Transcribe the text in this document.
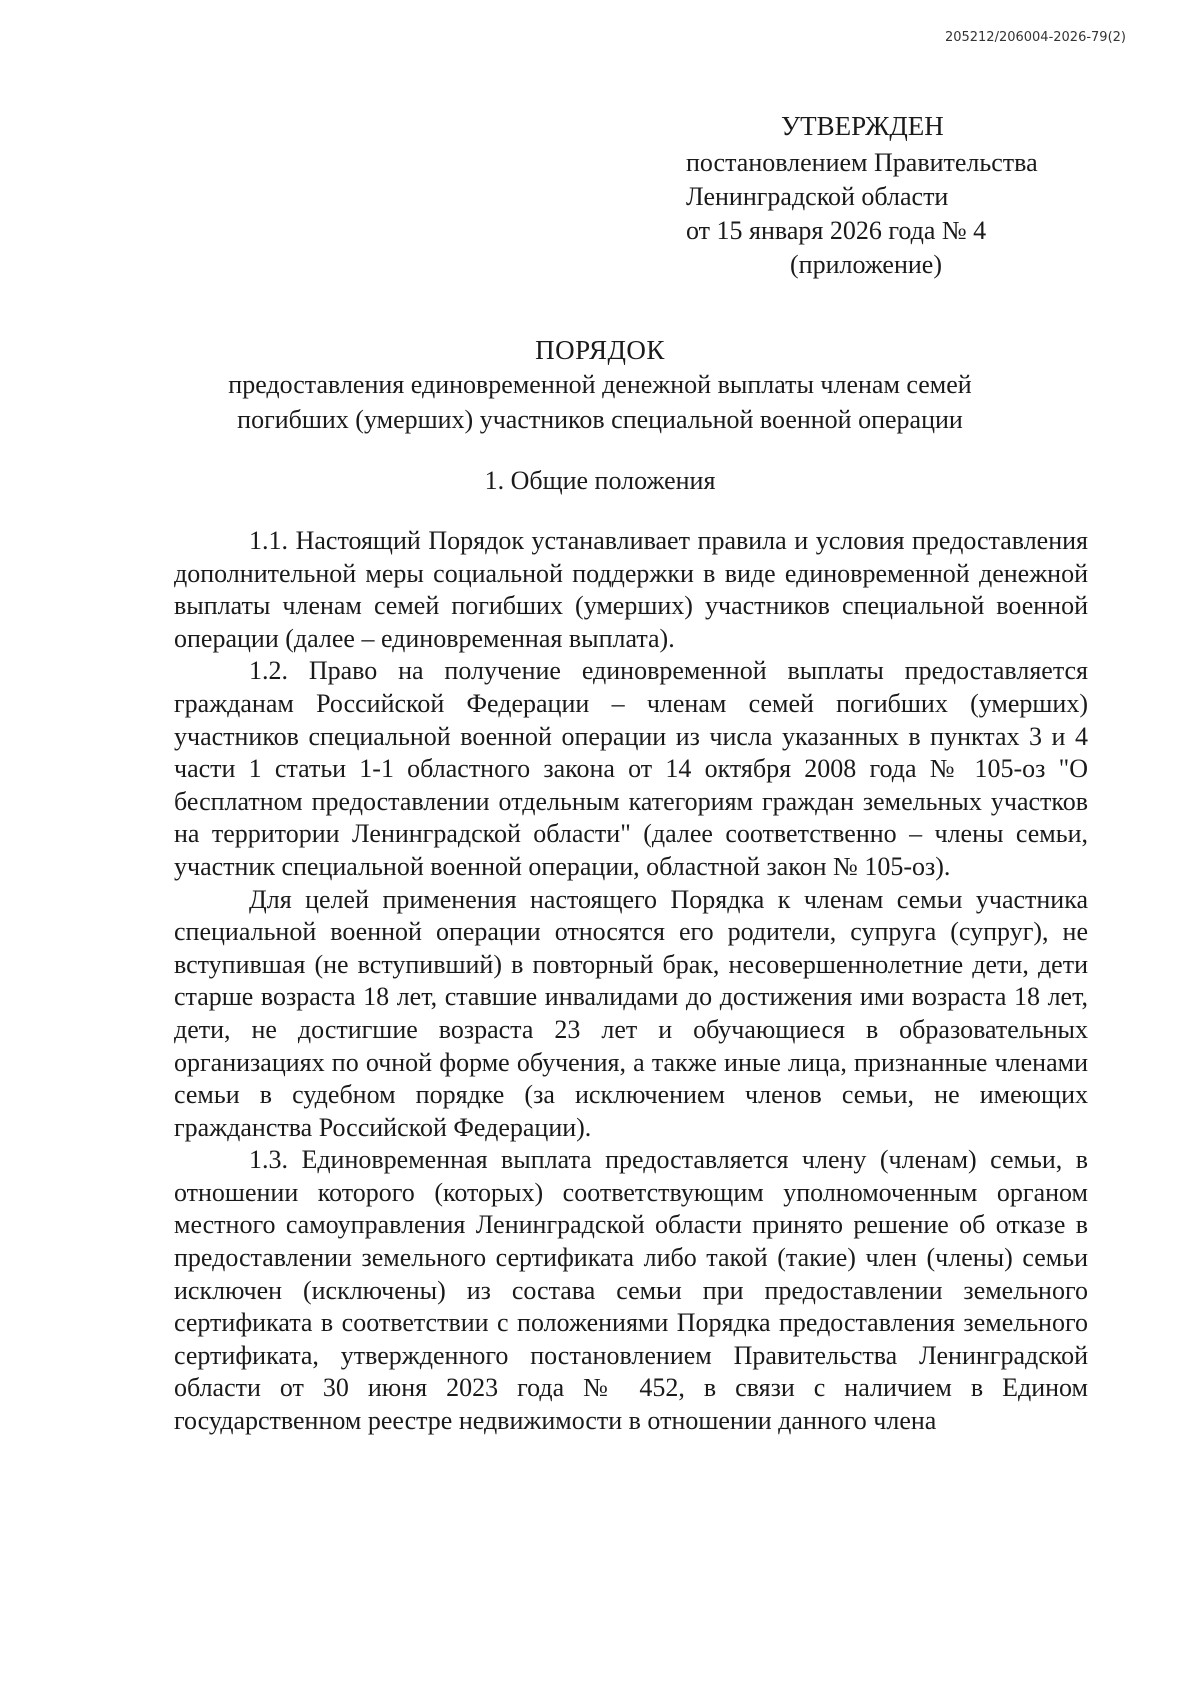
205212/206004-2026-79(2)
УТВЕРЖДЕН
постановлением Правительства
Ленинградской области
от 15 января 2026 года № 4
(приложение)
ПОРЯДОК
предоставления единовременной денежной выплаты членам семей
погибших (умерших) участников специальной военной операции
1. Общие положения

1.1. Настоящий Порядок устанавливает правила и условия предоставления дополнительной меры социальной поддержки в виде единовременной денежной выплаты членам семей погибших (умерших) участников специальной военной операции (далее – единовременная выплата).

1.2. Право на получение единовременной выплаты предоставляется гражданам Российской Федерации – членам семей погибших (умерших) участников специальной военной операции из числа указанных в пунктах 3 и 4 части 1 статьи 1-1 областного закона от 14 октября 2008 года № 105-оз "О бесплатном предоставлении отдельным категориям граждан земельных участков на территории Ленинградской области" (далее соответственно – члены семьи, участник специальной военной операции, областной закон № 105-оз).

Для целей применения настоящего Порядка к членам семьи участника специальной военной операции относятся его родители, супруга (супруг), не вступившая (не вступивший) в повторный брак, несовершеннолетние дети, дети старше возраста 18 лет, ставшие инвалидами до достижения ими возраста 18 лет, дети, не достигшие возраста 23 лет и обучающиеся в образовательных организациях по очной форме обучения, а также иные лица, признанные членами семьи в судебном порядке (за исключением членов семьи, не имеющих гражданства Российской Федерации).

1.3. Единовременная выплата предоставляется члену (членам) семьи, в отношении которого (которых) соответствующим уполномоченным органом местного самоуправления Ленинградской области принято решение об отказе в предоставлении земельного сертификата либо такой (такие) член (члены) семьи исключен (исключены) из состава семьи при предоставлении земельного сертификата в соответствии с положениями Порядка предоставления земельного сертификата, утвержденного постановлением Правительства Ленинградской области от 30 июня 2023 года № 452, в связи с наличием в Едином государственном реестре недвижимости в отношении данного члена
